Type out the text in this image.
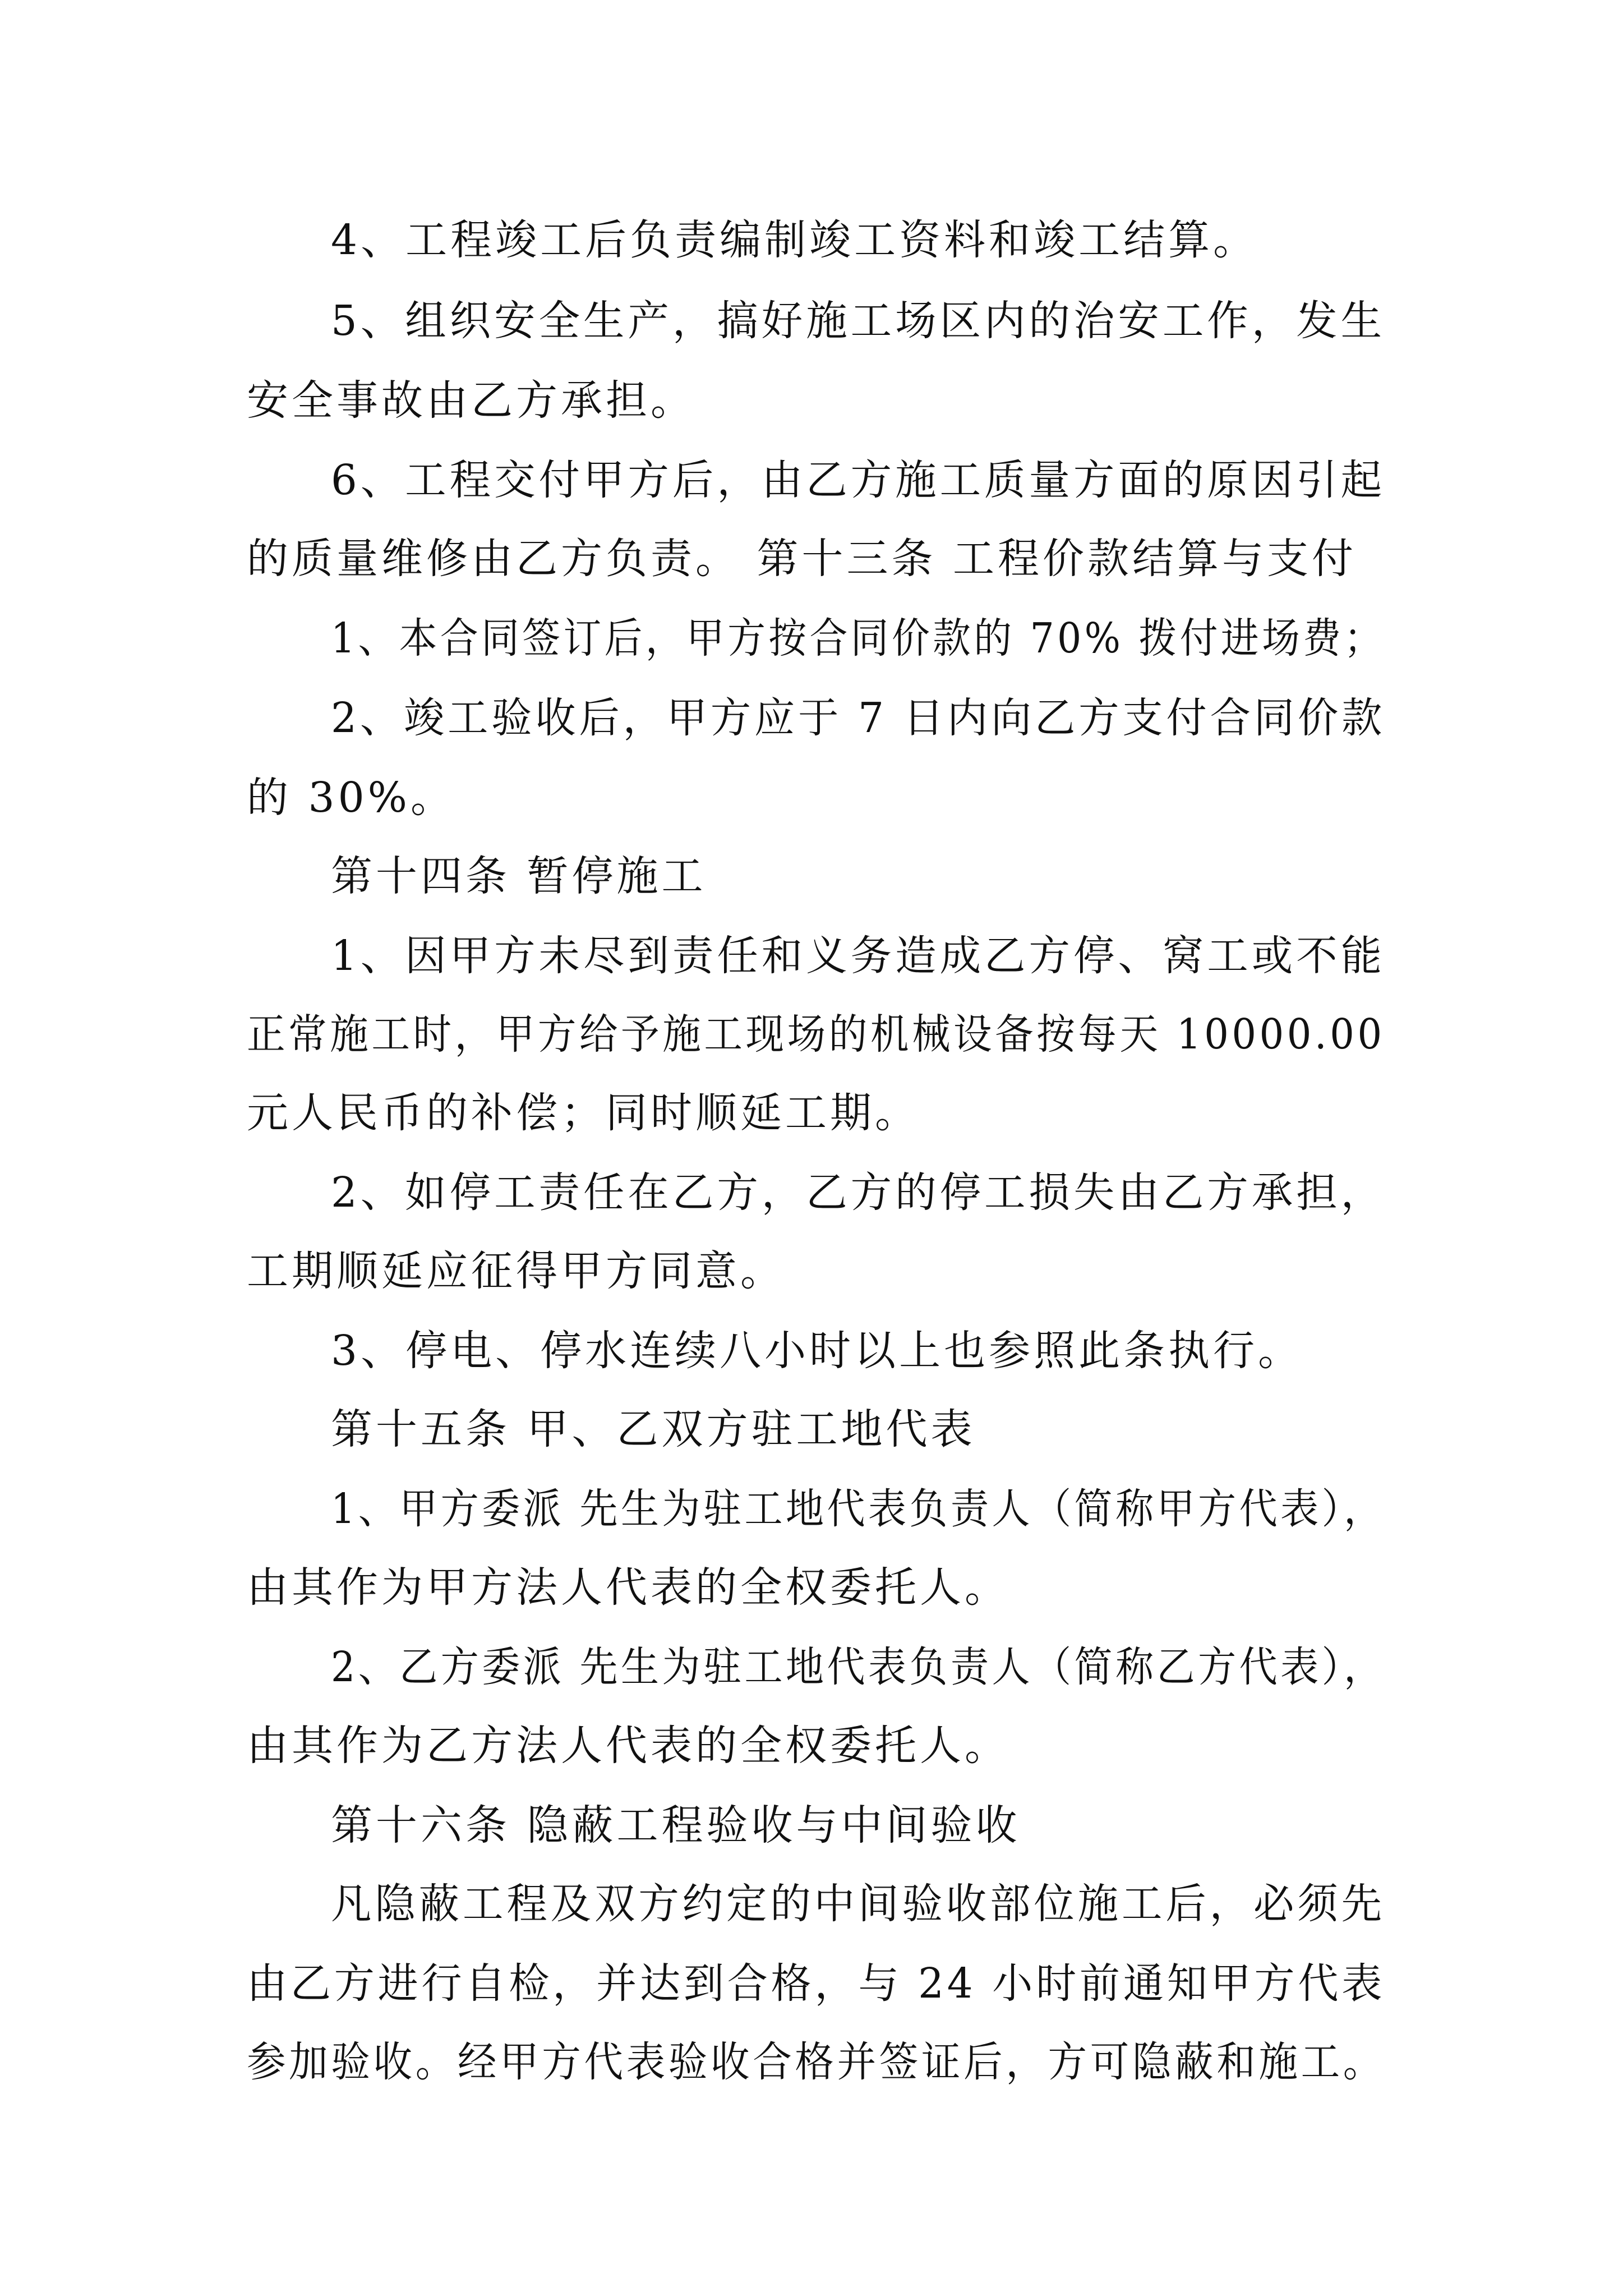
4、工程竣工后负责编制竣工资料和竣工结算。
5、组织安全生产，搞好施工场区内的治安工作，发生
安全事故由乙方承担。
6、工程交付甲方后，由乙方施工质量方面的原因引起
的质量维修由乙方负责。 第十三条 工程价款结算与支付
1、本合同签订后，甲方按合同价款的 70% 拨付进场费；
2、竣工验收后，甲方应于 7 日内向乙方支付合同价款
的 30%。
第十四条 暂停施工
1、因甲方未尽到责任和义务造成乙方停、窝工或不能
正常施工时，甲方给予施工现场的机械设备按每天 10000.00
元人民币的补偿；同时顺延工期。
2、如停工责任在乙方，乙方的停工损失由乙方承担，
工期顺延应征得甲方同意。
3、停电、停水连续八小时以上也参照此条执行。
第十五条 甲、乙双方驻工地代表
1、甲方委派 先生为驻工地代表负责人（简称甲方代表），
由其作为甲方法人代表的全权委托人。
2、乙方委派 先生为驻工地代表负责人（简称乙方代表），
由其作为乙方法人代表的全权委托人。
第十六条 隐蔽工程验收与中间验收
凡隐蔽工程及双方约定的中间验收部位施工后，必须先
由乙方进行自检，并达到合格，与 24 小时前通知甲方代表
参加验收。经甲方代表验收合格并签证后，方可隐蔽和施工。
